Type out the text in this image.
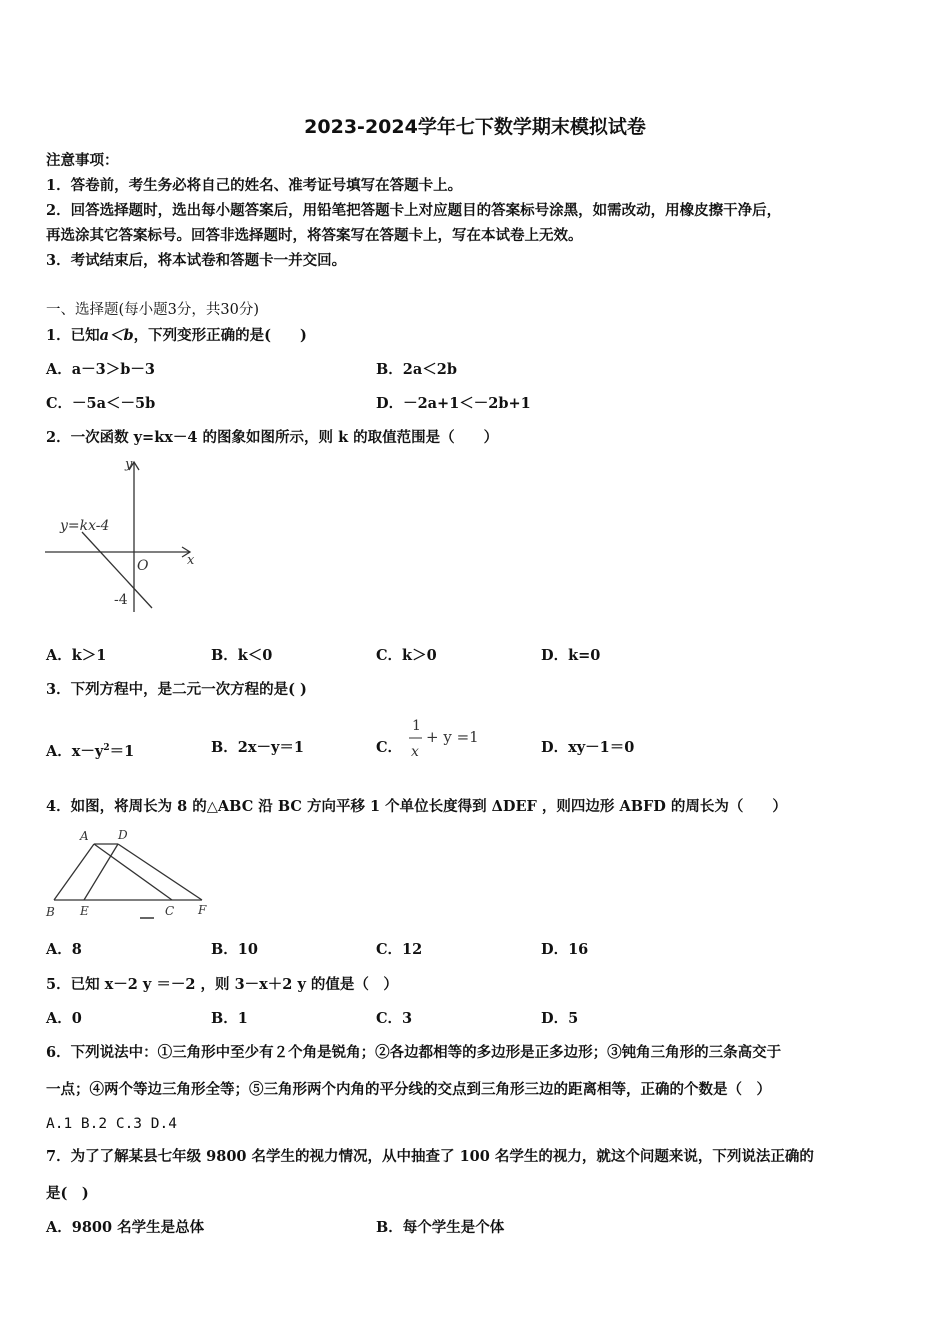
2023-2024学年七下数学期末模拟试卷
注意事项：
1．答卷前，考生务必将自己的姓名、准考证号填写在答题卡上。
2．回答选择题时，选出每小题答案后，用铅笔把答题卡上对应题目的答案标号涂黑，如需改动，用橡皮擦干净后，
再选涂其它答案标号。回答非选择题时，将答案写在答题卡上，写在本试卷上无效。
3．考试结束后，将本试卷和答题卡一并交回。
一、选择题(每小题3分，共30分)
1．已知a＜b，下列变形正确的是(　　)
A．a－3＞b－3	B．2a＜2b
C．－5a＜－5b	D．－2a+1＜－2b+1
2．一次函数 y=kx－4 的图象如图所示，则 k 的取值范围是（　　）
y=kx-4
y
x
O
-4
A．k＞1	B．k＜0	C．k＞0	D．k=0
3．下列方程中，是二元一次方程的是( )
A．$x-y^2=1$	B．2x－y＝1	C．
1
x
+ y =1
D．xy－1＝0
4．如图，将周长为 8 的△ABC 沿 BC 方向平移 1 个单位长度得到 ΔDEF ，则四边形 ABFD 的周长为（　　）
A D
B E	C F
A．8	B．10	C．12	D．16
5．已知 x－2 y ＝－2 ，则 3－x＋2 y 的值是（　）
A．0	B．1	C．3	D．5
6．下列说法中：①三角形中至少有２个角是锐角；②各边都相等的多边形是正多边形；③钝角三角形的三条高交于
一点；④两个等边三角形全等；⑤三角形两个内角的平分线的交点到三角形三边的距离相等，正确的个数是（　）
A.1 B.2 C.3 D.4
7．为了了解某县七年级 9800 名学生的视力情况，从中抽查了 100 名学生的视力，就这个问题来说，下列说法正确的
是(　)
A．9800 名学生是总体	B．每个学生是个体
